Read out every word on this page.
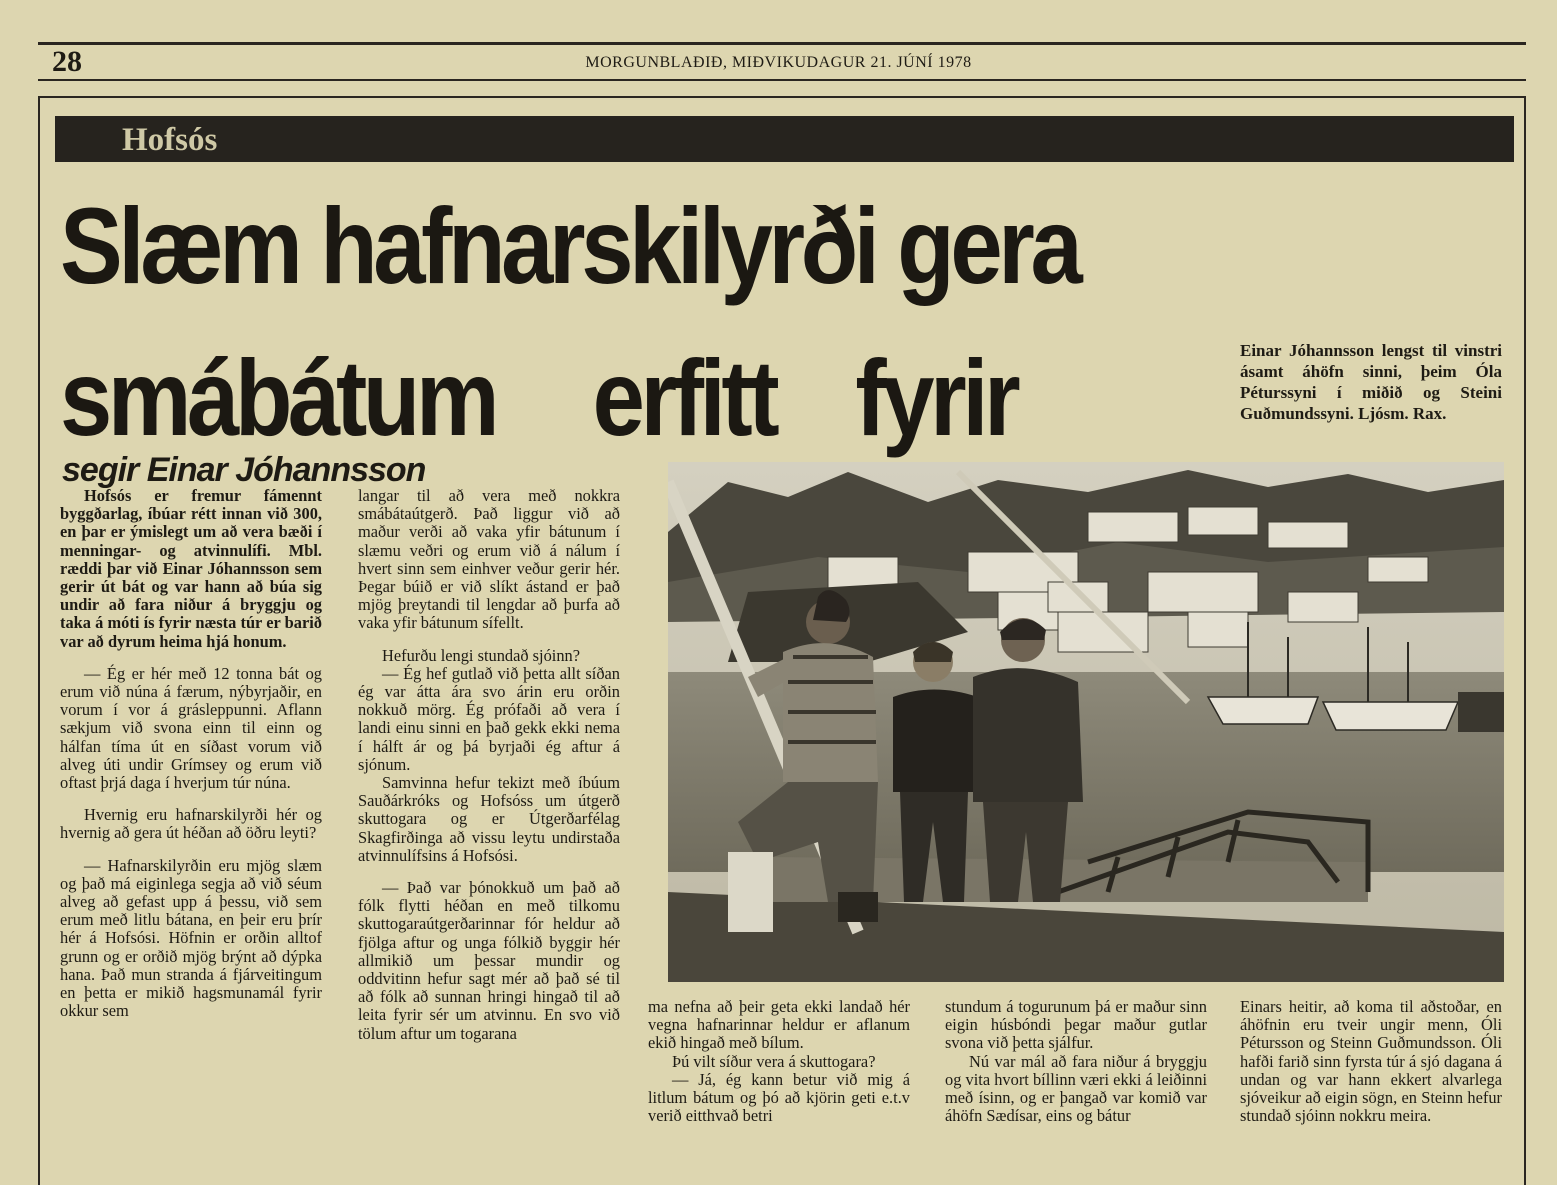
28	MORGUNBLAÐIÐ, MIÐVIKUDAGUR 21. JÚNÍ 1978
Hofsós
Slæm hafnarskilyrði gera
smábátum erfitt fyrir
segir Einar Jóhannsson
Einar Jóhannsson lengst til vinstri ásamt áhöfn sinni, þeim Óla Péturssyni í miðið og Steini Guðmundssyni. Ljósm. Rax.

Hofsós er fremur fámennt byggðarlag, íbúar rétt innan við 300, en þar er ýmislegt um að vera bæði í menningar- og atvinnulífi. Mbl. ræddi þar við Einar Jóhannsson sem gerir út bát og var hann að búa sig undir að fara niður á bryggju og taka á móti ís fyrir næsta túr er barið var að dyrum heima hjá honum.

— Ég er hér með 12 tonna bát og erum við núna á færum, nýbyrjaðir, en vorum í vor á grásleppunni. Aflann sækjum við svona einn til einn og hálfan tíma út en síðast vorum við alveg úti undir Grímsey og erum við oftast þrjá daga í hverjum túr núna.

Hvernig eru hafnarskilyrði hér og hvernig að gera út héðan að öðru leyti?

— Hafnarskilyrðin eru mjög slæm og það má eiginlega segja að við séum alveg að gefast upp á þessu, við sem erum með litlu bátana, en þeir eru þrír hér á Hofsósi. Höfnin er orðin alltof grunn og er orðið mjög brýnt að dýpka hana. Það mun stranda á fjárveitingum en þetta er mikið hagsmunamál fyrir okkur sem

langar til að vera með nokkra smábátaútgerð. Það liggur við að maður verði að vaka yfir bátunum í slæmu veðri og erum við á nálum í hvert sinn sem einhver veður gerir hér. Þegar búið er við slíkt ástand er það mjög þreytandi til lengdar að þurfa að vaka yfir bátunum sífellt.

Hefurðu lengi stundað sjóinn?

— Ég hef gutlað við þetta allt síðan ég var átta ára svo árin eru orðin nokkuð mörg. Ég prófaði að vera í landi einu sinni en það gekk ekki nema í hálft ár og þá byrjaði ég aftur á sjónum.

Samvinna hefur tekizt með íbúum Sauðárkróks og Hofsóss um útgerð skuttogara og er Útgerðarfélag Skagfirðinga að vissu leytu undirstaða atvinnulífsins á Hofsósi.

— Það var þónokkuð um það að fólk flytti héðan en með tilkomu skuttogaraútgerðarinnar fór heldur að fjölga aftur og unga fólkið byggir hér allmikið um þessar mundir og oddvitinn hefur sagt mér að það sé til að fólk að sunnan hringi hingað til að leita fyrir sér um atvinnu. En svo við tölum aftur um togarana

ma nefna að þeir geta ekki landað hér vegna hafnarinnar heldur er aflanum ekið hingað með bílum.

Þú vilt síður vera á skuttogara?

— Já, ég kann betur við mig á litlum bátum og þó að kjörin geti e.t.v verið eitthvað betri

stundum á togurunum þá er maður sinn eigin húsbóndi þegar maður gutlar svona við þetta sjálfur.

Nú var mál að fara niður á bryggju og vita hvort bíllinn væri ekki á leiðinni með ísinn, og er þangað var komið var áhöfn Sædísar, eins og bátur

Einars heitir, að koma til aðstoðar, en áhöfnin eru tveir ungir menn, Óli Pétursson og Steinn Guðmundsson. Óli hafði farið sinn fyrsta túr á sjó dagana á undan og var hann ekkert alvarlega sjóveikur að eigin sögn, en Steinn hefur stundað sjóinn nokkru meira.
